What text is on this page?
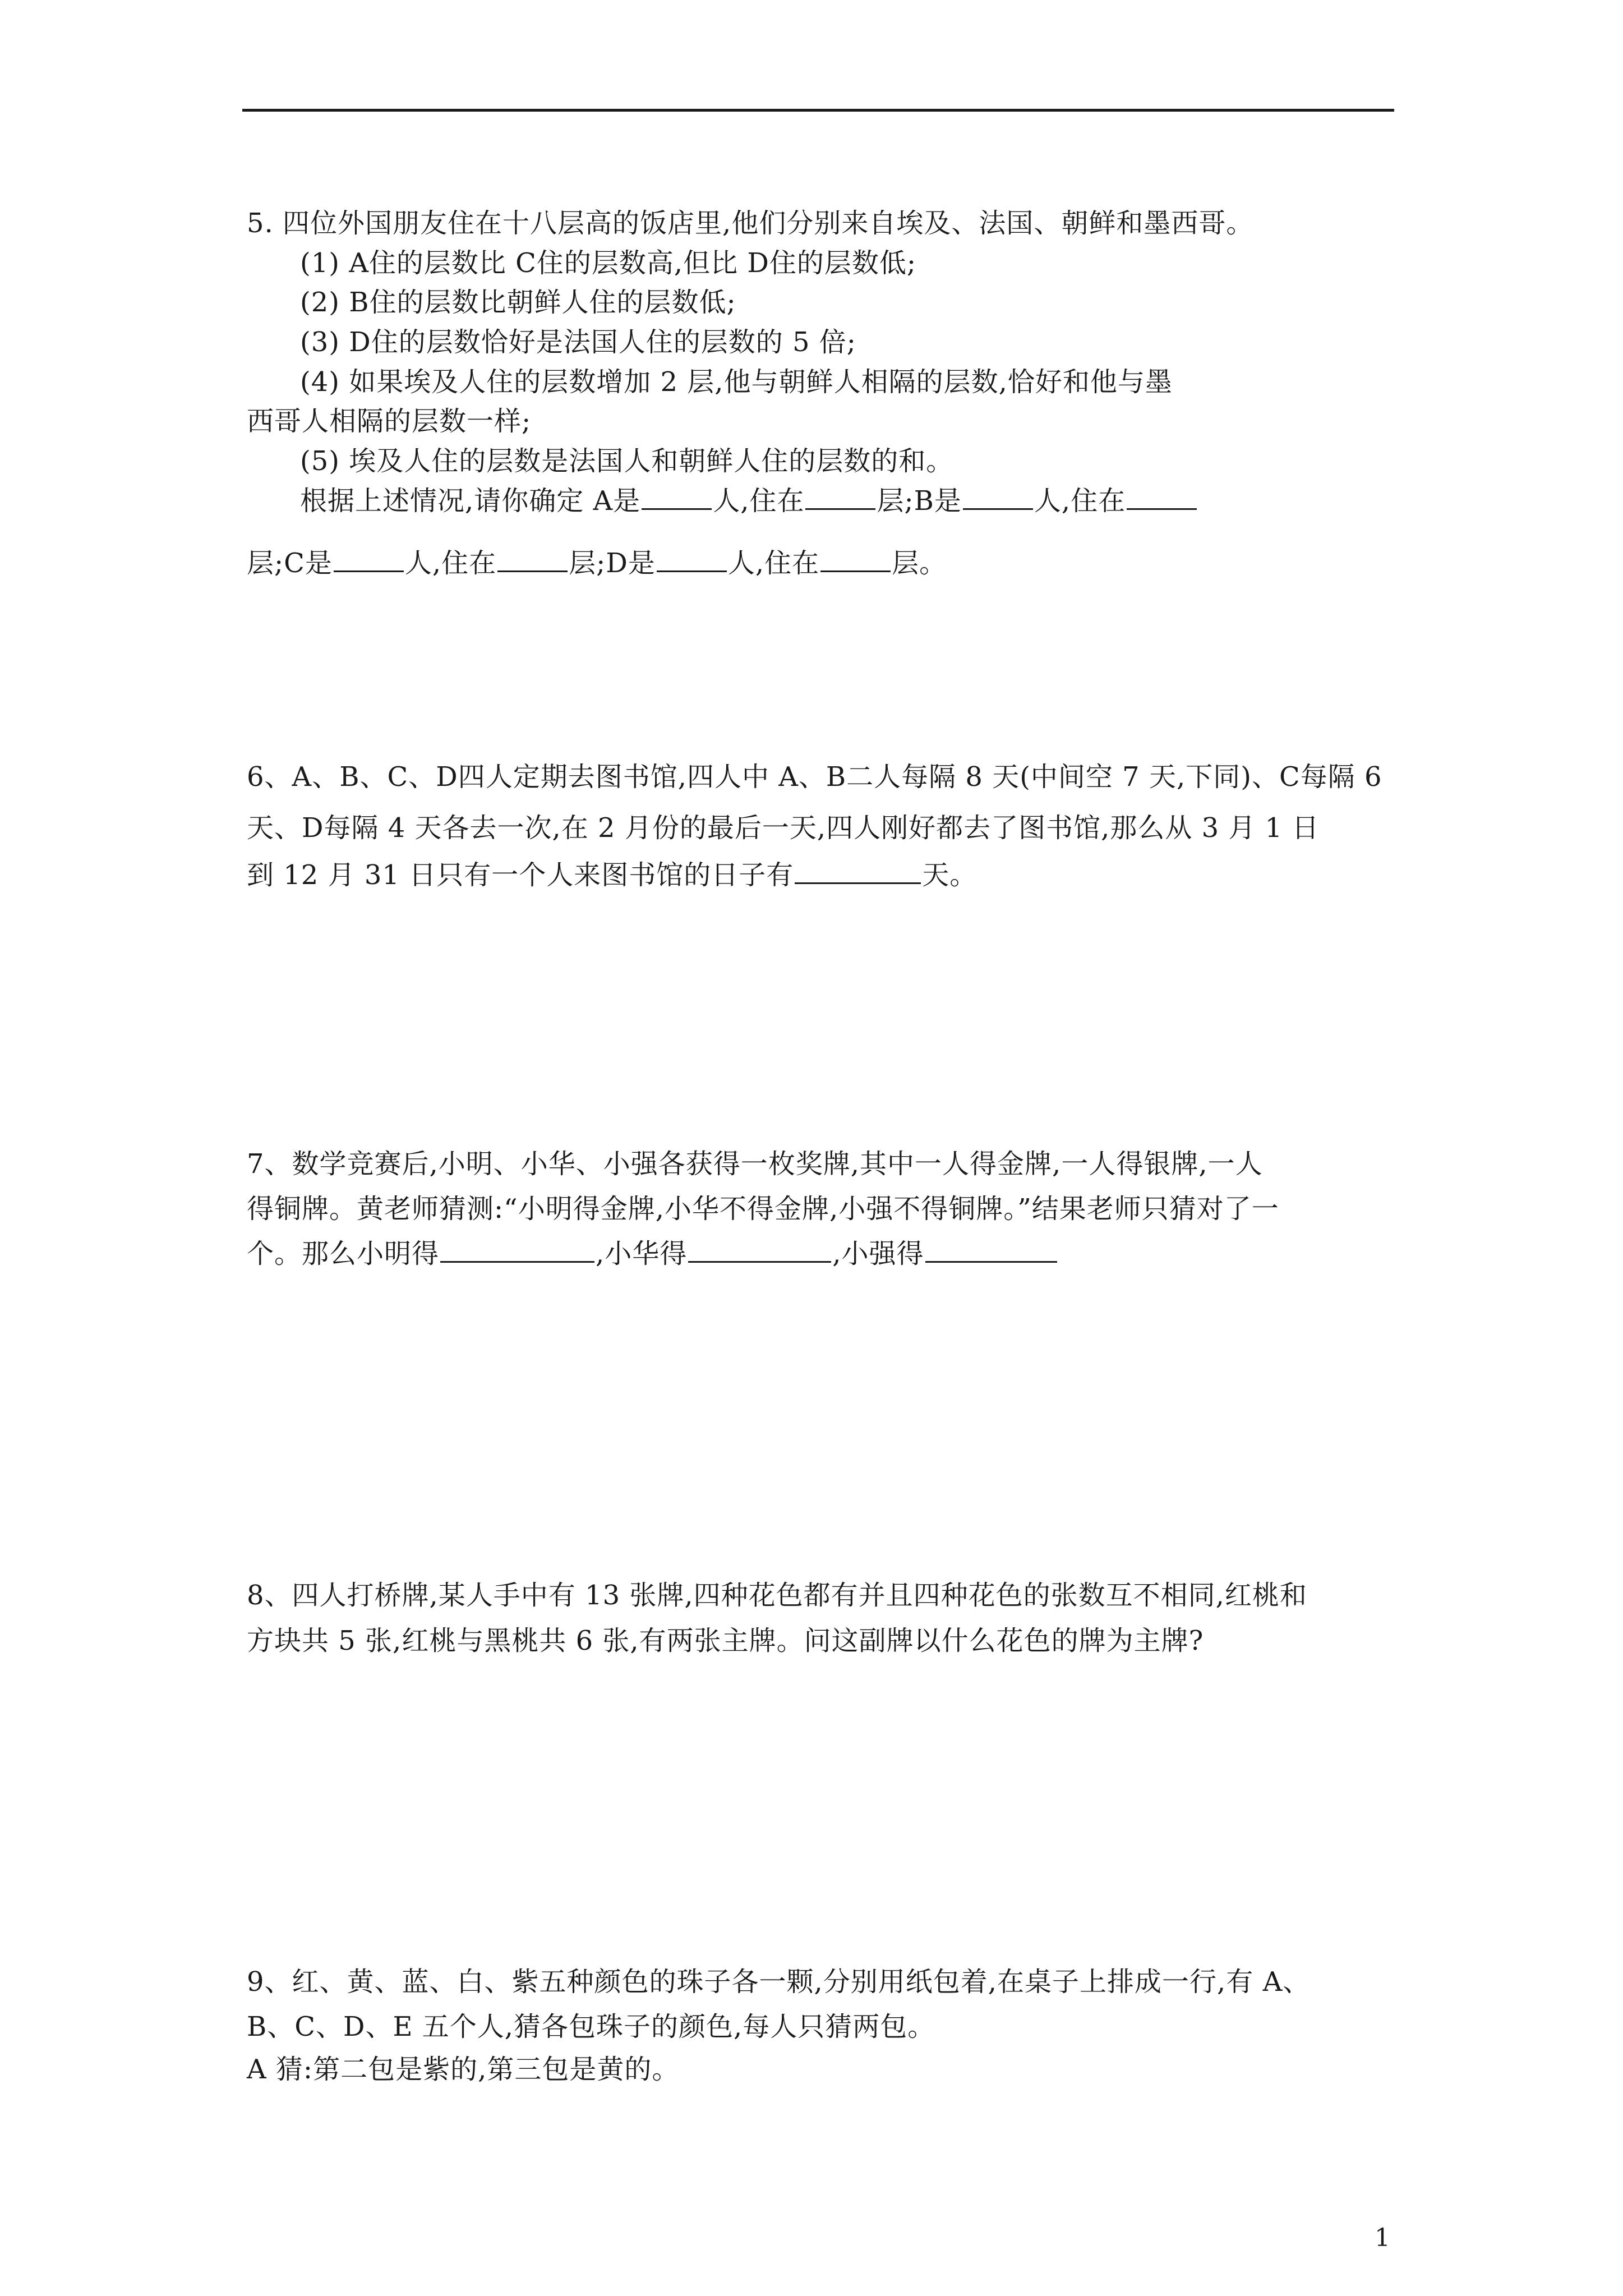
5. 四位外国朋友住在十八层高的饭店里,他们分别来自埃及、法国、朝鲜和墨西哥。
(1) A住的层数比 C住的层数高,但比 D住的层数低;
(2) B住的层数比朝鲜人住的层数低;
(3) D住的层数恰好是法国人住的层数的 5 倍;
(4) 如果埃及人住的层数增加 2 层,他与朝鲜人相隔的层数,恰好和他与墨
西哥人相隔的层数一样;
(5) 埃及人住的层数是法国人和朝鲜人住的层数的和。
根据上述情况,请你确定 A是	人,住在	层;B是	人,住在
层;C是	人,住在	层;D是	人,住在	层。
6、A、B、C、D四人定期去图书馆,四人中 A、B二人每隔 8 天(中间空 7 天,下同)、C每隔 6
天、D每隔 4 天各去一次,在 2 月份的最后一天,四人刚好都去了图书馆,那么从 3 月 1 日
到 12 月 31 日只有一个人来图书馆的日子有	天。
7、数学竞赛后,小明、小华、小强各获得一枚奖牌,其中一人得金牌,一人得银牌,一人
得铜牌。黄老师猜测:“小明得金牌,小华不得金牌,小强不得铜牌。”结果老师只猜对了一
个。那么小明得	,小华得	,小强得
8、四人打桥牌,某人手中有 13 张牌,四种花色都有并且四种花色的张数互不相同,红桃和
方块共 5 张,红桃与黑桃共 6 张,有两张主牌。问这副牌以什么花色的牌为主牌?
9、红、黄、蓝、白、紫五种颜色的珠子各一颗,分别用纸包着,在桌子上排成一行,有 A、
B、C、D、E 五个人,猜各包珠子的颜色,每人只猜两包。
A 猜:第二包是紫的,第三包是黄的。
1
